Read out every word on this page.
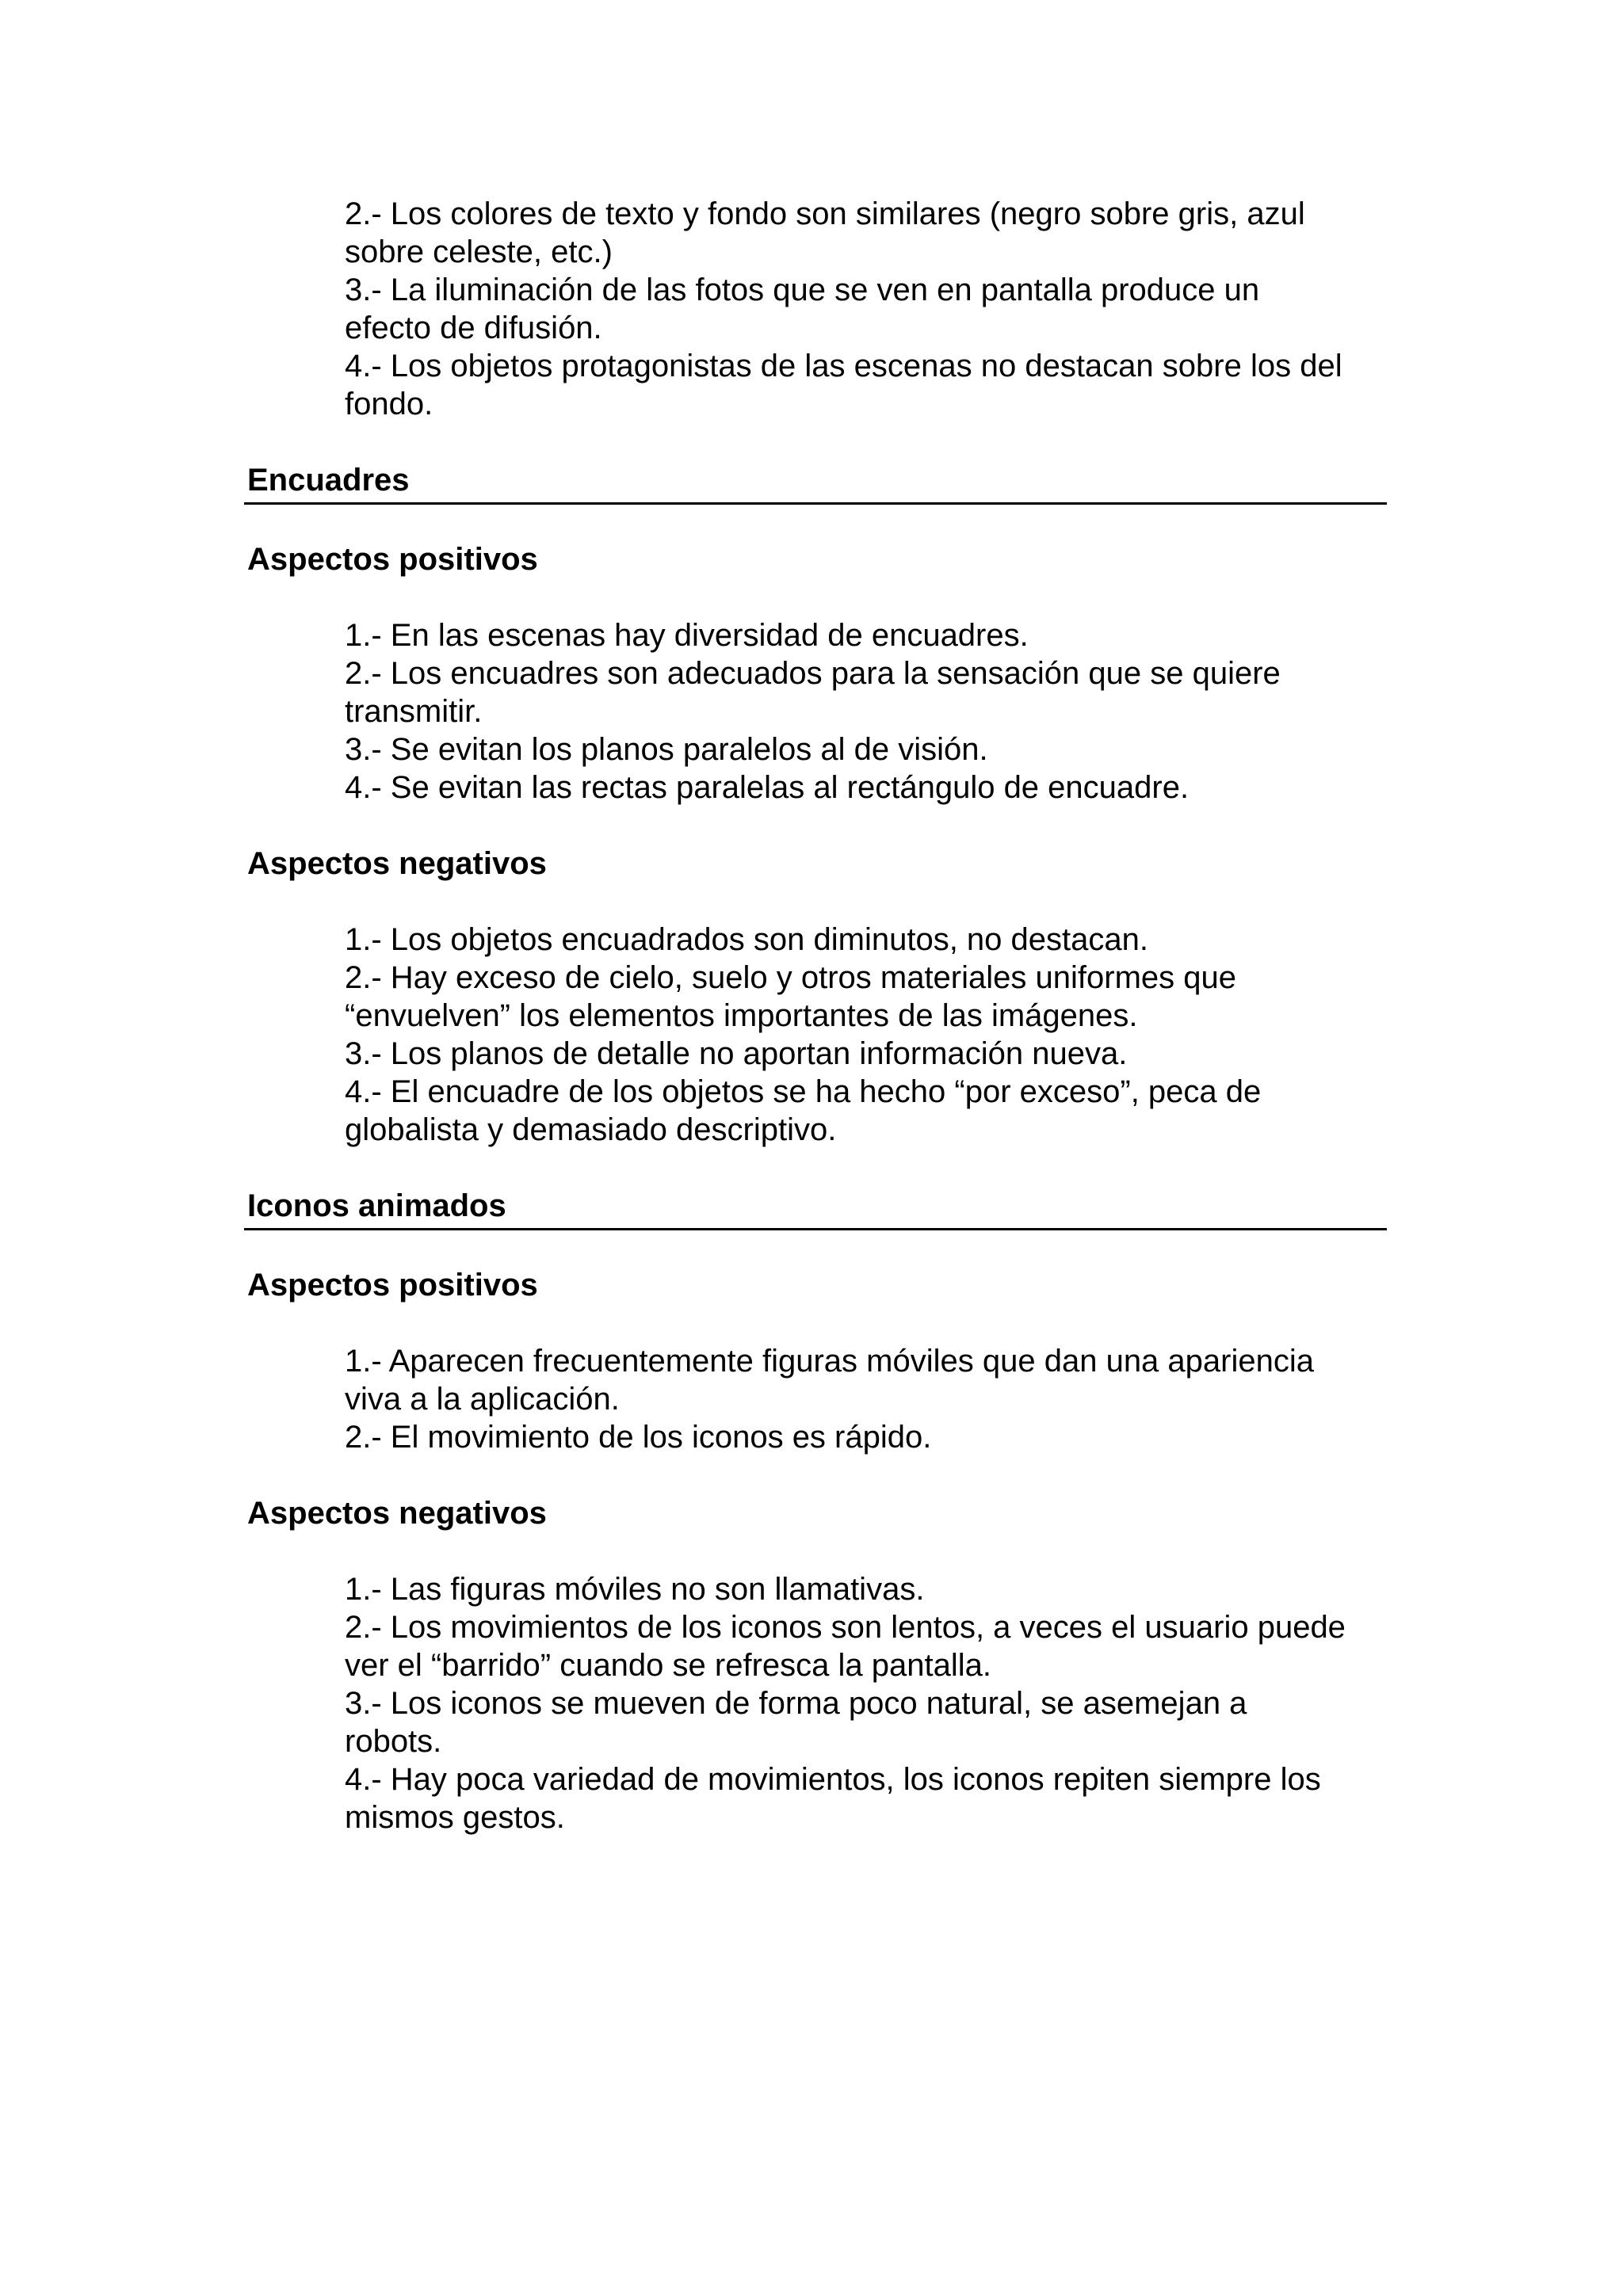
2.- Los colores de texto y fondo son similares (negro sobre gris, azul sobre celeste, etc.)

3.- La iluminación de las fotos que se ven en pantalla produce un efecto de difusión.

4.- Los objetos protagonistas de las escenas no destacan sobre los del fondo.

Encuadres
Aspectos positivos

1.- En las escenas hay diversidad de encuadres.

2.- Los encuadres son adecuados para la sensación que se quiere transmitir.

3.- Se evitan los planos paralelos al de visión.

4.- Se evitan las rectas paralelas al rectángulo de encuadre.

Aspectos negativos

1.- Los objetos encuadrados son diminutos, no destacan.

2.- Hay exceso de cielo, suelo y otros materiales uniformes que “envuelven” los elementos importantes de las imágenes.

3.- Los planos de detalle no aportan información nueva.

4.- El encuadre de los objetos se ha hecho “por exceso”, peca de globalista y demasiado descriptivo.

Iconos animados
Aspectos positivos

1.- Aparecen frecuentemente figuras móviles que dan una apariencia viva a la aplicación.

2.- El movimiento de los iconos es rápido.

Aspectos negativos

1.- Las figuras móviles no son llamativas.

2.- Los movimientos de los iconos son lentos, a veces el usuario puede ver el “barrido” cuando se refresca la pantalla.

3.- Los iconos se mueven de forma poco natural, se asemejan a robots.

4.- Hay poca variedad de movimientos, los iconos repiten siempre los mismos gestos.
